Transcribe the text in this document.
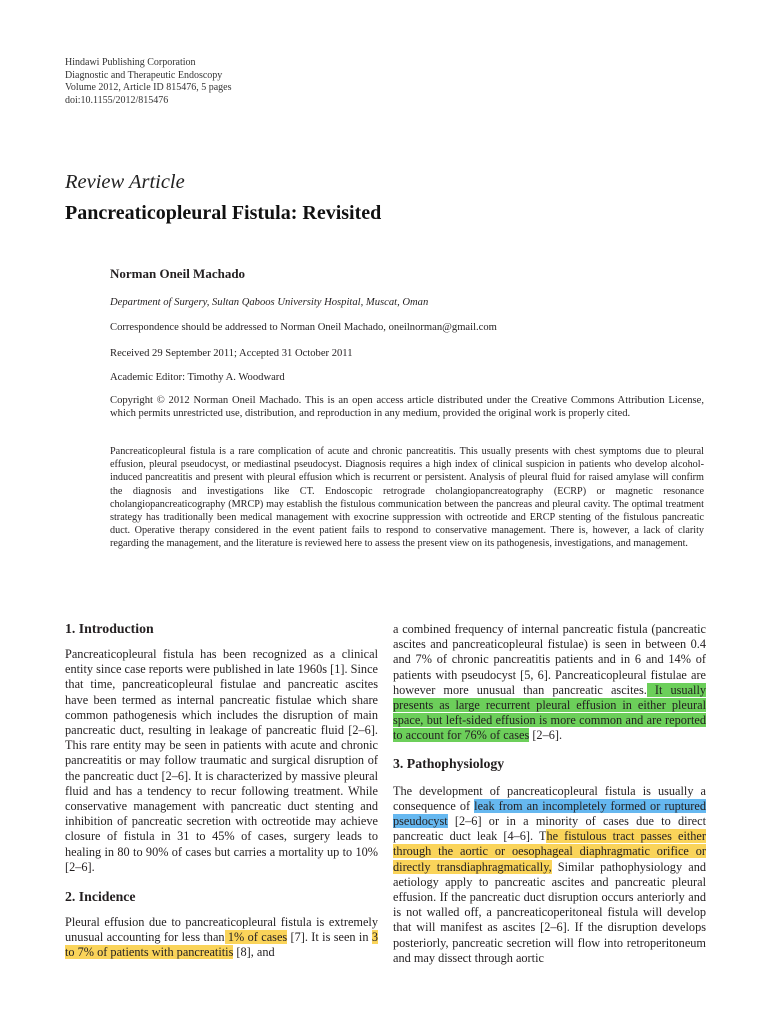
Hindawi Publishing Corporation
Diagnostic and Therapeutic Endoscopy
Volume 2012, Article ID 815476, 5 pages
doi:10.1155/2012/815476
Review Article
Pancreaticopleural Fistula: Revisited
Norman Oneil Machado
Department of Surgery, Sultan Qaboos University Hospital, Muscat, Oman
Correspondence should be addressed to Norman Oneil Machado, oneilnorman@gmail.com
Received 29 September 2011; Accepted 31 October 2011
Academic Editor: Timothy A. Woodward
Copyright © 2012 Norman Oneil Machado. This is an open access article distributed under the Creative Commons Attribution License, which permits unrestricted use, distribution, and reproduction in any medium, provided the original work is properly cited.
Pancreaticopleural fistula is a rare complication of acute and chronic pancreatitis. This usually presents with chest symptoms due to pleural effusion, pleural pseudocyst, or mediastinal pseudocyst. Diagnosis requires a high index of clinical suspicion in patients who develop alcohol-induced pancreatitis and present with pleural effusion which is recurrent or persistent. Analysis of pleural fluid for raised amylase will confirm the diagnosis and investigations like CT. Endoscopic retrograde cholangiopancreatography (ECRP) or magnetic resonance cholangiopancreaticography (MRCP) may establish the fistulous communication between the pancreas and pleural cavity. The optimal treatment strategy has traditionally been medical management with exocrine suppression with octreotide and ERCP stenting of the fistulous pancreatic duct. Operative therapy considered in the event patient fails to respond to conservative management. There is, however, a lack of clarity regarding the management, and the literature is reviewed here to assess the present view on its pathogenesis, investigations, and management.
1. Introduction

Pancreaticopleural fistula has been recognized as a clinical entity since case reports were published in late 1960s [1]. Since that time, pancreaticopleural fistulae and pancreatic ascites have been termed as internal pancreatic fistulae which share common pathogenesis which includes the disruption of main pancreatic duct, resulting in leakage of pancreatic fluid [2–6]. This rare entity may be seen in patients with acute and chronic pancreatitis or may follow traumatic and surgical disruption of the pancreatic duct [2–6]. It is characterized by massive pleural fluid and has a tendency to recur following treatment. While conservative management with pancreatic duct stenting and inhibition of pancreatic secretion with octreotide may achieve closure of fistula in 31 to 45% of cases, surgery leads to healing in 80 to 90% of cases but carries a mortality up to 10% [2–6].

2. Incidence

Pleural effusion due to pancreaticopleural fistula is extremely unusual accounting for less than 1% of cases [7]. It is seen in 3 to 7% of patients with pancreatitis [8], and

a combined frequency of internal pancreatic fistula (pancreatic ascites and pancreaticopleural fistulae) is seen in between 0.4 and 7% of chronic pancreatitis patients and in 6 and 14% of patients with pseudocyst [5, 6]. Pancreaticopleural fistulae are however more unusual than pancreatic ascites. It usually presents as large recurrent pleural effusion in either pleural space, but left-sided effusion is more common and are reported to account for 76% of cases [2–6].

3. Pathophysiology

The development of pancreaticopleural fistula is usually a consequence of leak from an incompletely formed or ruptured pseudocyst [2–6] or in a minority of cases due to direct pancreatic duct leak [4–6]. The fistulous tract passes either through the aortic or oesophageal diaphragmatic orifice or directly transdiaphragmatically, Similar pathophysiology and aetiology apply to pancreatic ascites and pancreatic pleural effusion. If the pancreatic duct disruption occurs anteriorly and is not walled off, a pancreaticoperitoneal fistula will develop that will manifest as ascites [2–6]. If the disruption develops posteriorly, pancreatic secretion will flow into retroperitoneum and may dissect through aortic
